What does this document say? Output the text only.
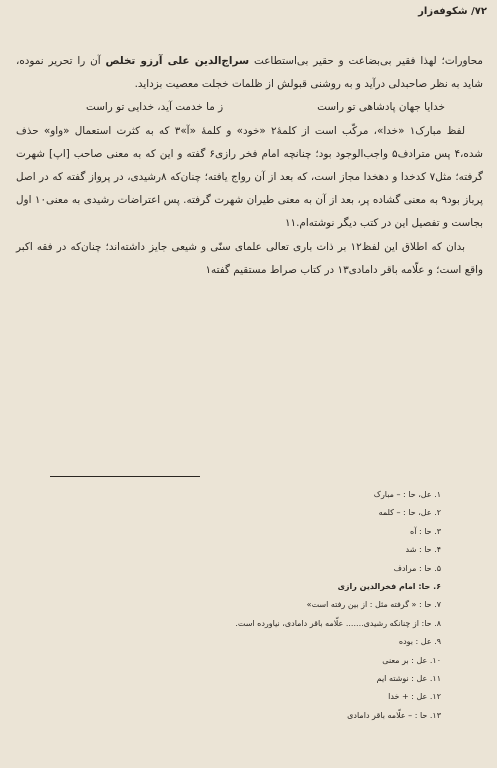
۷۲/ شکوفه‌زار

محاورات؛ لهذا فقیر بی‌بضاعت و حقیر بی‌استطاعت سراج‌الدین علی آرزو تخلص آن را تحریر نموده، شاید به نظر صاحبدلی درآید و به روشنی قبولش از ظلمات خجلت معصیت بزداید.

خدایا جهان پادشاهی تو راست
ز ما خدمت آید، خدایی تو راست

لفظ مبارک۱ «خدا»، مرکّب است از کلمهٔ۲ «خود» و کلمهٔ «آ»۳ که به کثرت استعمال «واو» حذف شده،۴ پس مترادف۵ واجب‌الوجود بود؛ چنانچه امام فخر رازی۶ گفته و این که به معنی صاحب [ا‌پ] شهرت گرفته؛ مثل۷ کدخدا و دهخدا مجاز است، که بعد از آن رواج یافته؛ چنان‌که ۸رشیدی، در پرواز گفته که در اصل پرباز بود۹ به معنی گشاده پر، بعد از آن به معنی طیران شهرت گرفته. پس اعتراضات رشیدی به معنی۱۰ اول بجاست و تفصیل این در کتب دیگر نوشته‌ام.۱۱

بدان که اطلاق این لفظ۱۲ بر ذات باری تعالی علمای سنّی و شیعی جایز داشته‌اند؛ چنان‌که در فقه اکبر واقع است؛ و علّامه باقر دامادی۱۳ در کتاب صراط مستقیم گفته۱

۱. عل، حا : – مبارک
۲. عل، حا : – کلمه
۳. حا : آه
۴. حا : شد
۵. حا : مرادف
۶. حا: امام فخرالدین رازی
۷. حا : « گرفته مثل : از بین رفته است»
۸. حا: از چنانکه رشیدی....... علّامه باقر دامادی، نیاورده است.
۹. عل : بوده
۱۰. عل : بر معنی
۱۱. عل : نوشته ایم
۱۲. عل : + خدا
۱۳. حا : – علّامه باقر دامادی
